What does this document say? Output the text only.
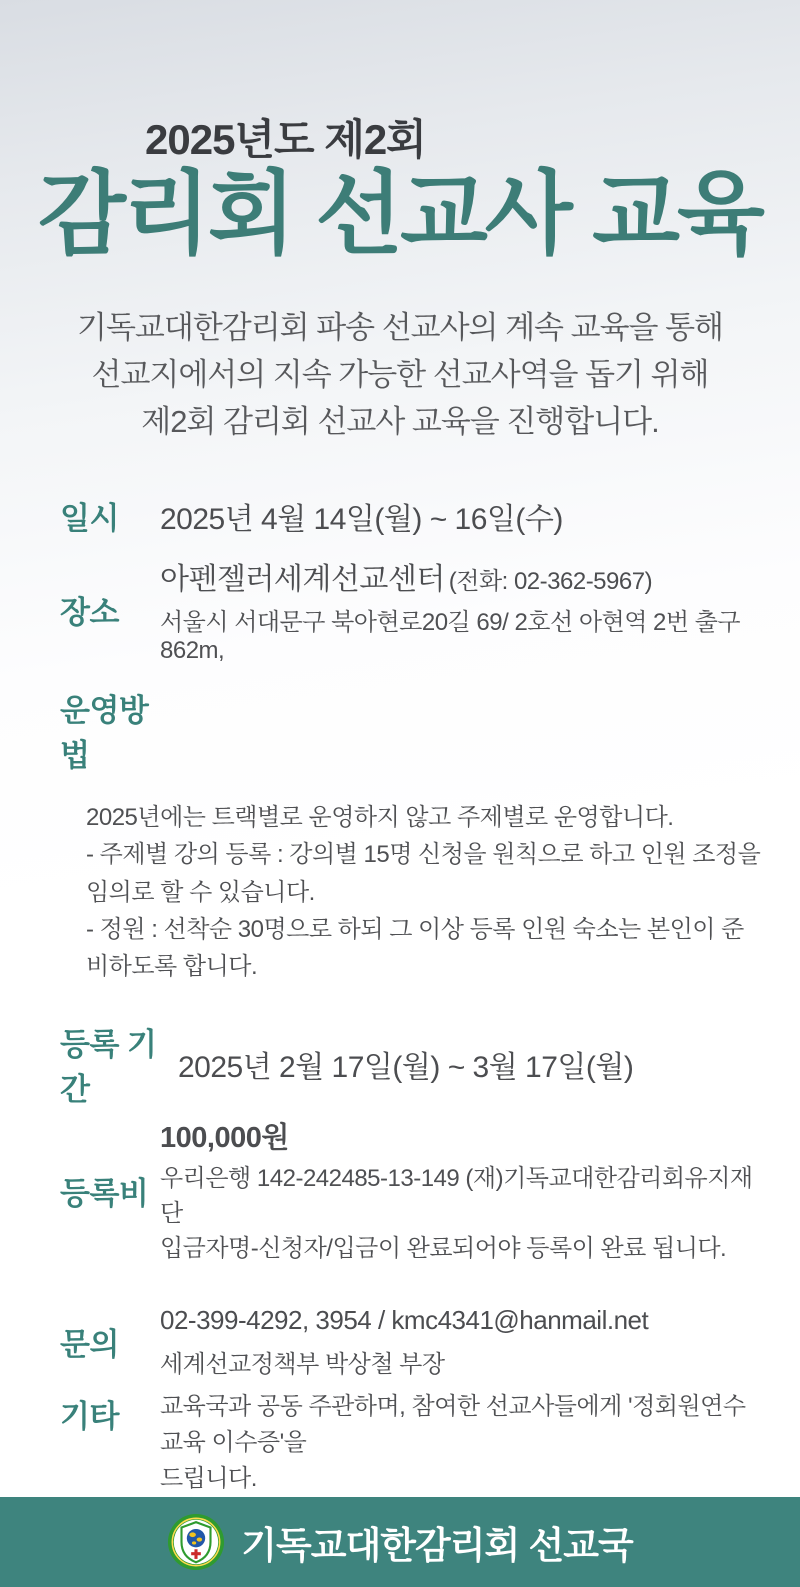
2025년도 제2회
감리회 선교사 교육
기독교대한감리회 파송 선교사의 계속 교육을 통해
선교지에서의 지속 가능한 선교사역을 돕기 위해
제2회 감리회 선교사 교육을 진행합니다.
일시	2025년 4월 14일(월) ~ 16일(수)
장소
아펜젤러세계선교센터 (전화: 02-362-5967)
서울시 서대문구 북아현로20길 69/ 2호선 아현역 2번 출구 862m,
운영방법
2025년에는 트랙별로 운영하지 않고 주제별로 운영합니다.
- 주제별 강의 등록 : 강의별 15명 신청을 원칙으로 하고 인원 조정을 임의로 할 수 있습니다.
- 정원 : 선착순 30명으로 하되 그 이상 등록 인원 숙소는 본인이 준비하도록 합니다.
등록 기간
2025년 2월 17일(월) ~ 3월 17일(월)
등록비
100,000원
우리은행 142-242485-13-149 (재)기독교대한감리회유지재단
입금자명-신청자/입금이 완료되어야 등록이 완료 됩니다.
문의
02-399-4292, 3954 / kmc4341@hanmail.net
세계선교정책부 박상철 부장
기타	교육국과 공동 주관하며, 참여한 선교사들에게 '정회원연수교육 이수증'을
드립니다.
기독교대한감리회 선교국
